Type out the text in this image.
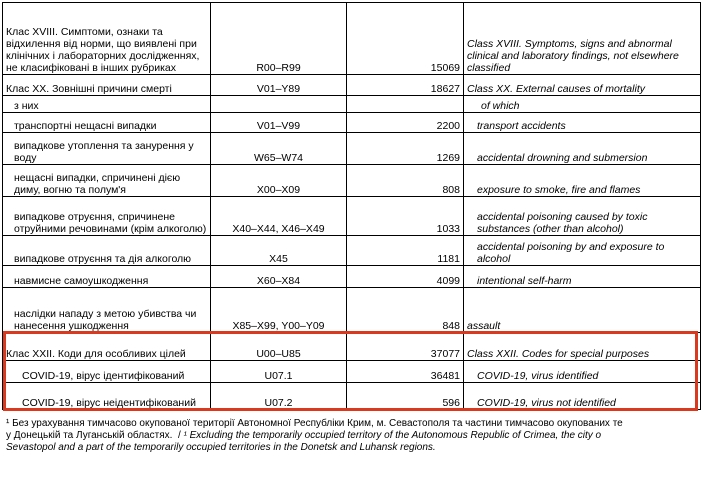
Клас XVIII. Симптоми, ознаки та відхилення від норми, що виявлені при клінічних і лабораторних дослідженнях, не класифіковані в інших рубриках	R00–R99	15069	Class XVIII. Symptoms, signs and abnormal clinical and laboratory findings, not elsewhere classified
Клас XX. Зовнішні причини смерті	V01–Y89	18627	Class XX. External causes of mortality

з них			of which

транспортні нещасні випадки	V01–V99	2200	transport accidents

випадкове утоплення та занурення у воду	W65–W74	1269	accidental drowning and submersion

нещасні випадки, спричинені дією диму, вогню та полум'я	X00–X09	808	exposure to smoke, fire and flames

випадкове отруєння, спричинене отруйними речовинами (крім алкоголю)	X40–X44, X46–X49	1033	accidental poisoning caused by toxic substances (other than alcohol)

випадкове отруєння та дія алкоголю	X45	1181	accidental poisoning by and exposure to alcohol

навмисне самоушкодження	X60–X84	4099	intentional self-harm

наслідки нападу з метою убивства чи нанесення ушкодження	X85–X99, Y00–Y09	848	assault
Клас XXII. Коди для особливих цілей	U00–U85	37077	Class XXII. Codes for special purposes

COVID-19, вірус ідентифікований	U07.1	36481	COVID-19, virus identified

COVID-19, вірус неідентифікований	U07.2	596	COVID-19, virus not identified
¹ Без урахування тимчасово окупованої території Автономної Республіки Крим, м. Севастополя та частини тимчасово окупованих те
у Донецькій та Луганській областях.  / ¹ Excluding the temporarily occupied territory of the Autonomous Republic of Crimea, the city o
Sevastopol and a part of the temporarily occupied territories in the Donetsk and Luhansk regions.
